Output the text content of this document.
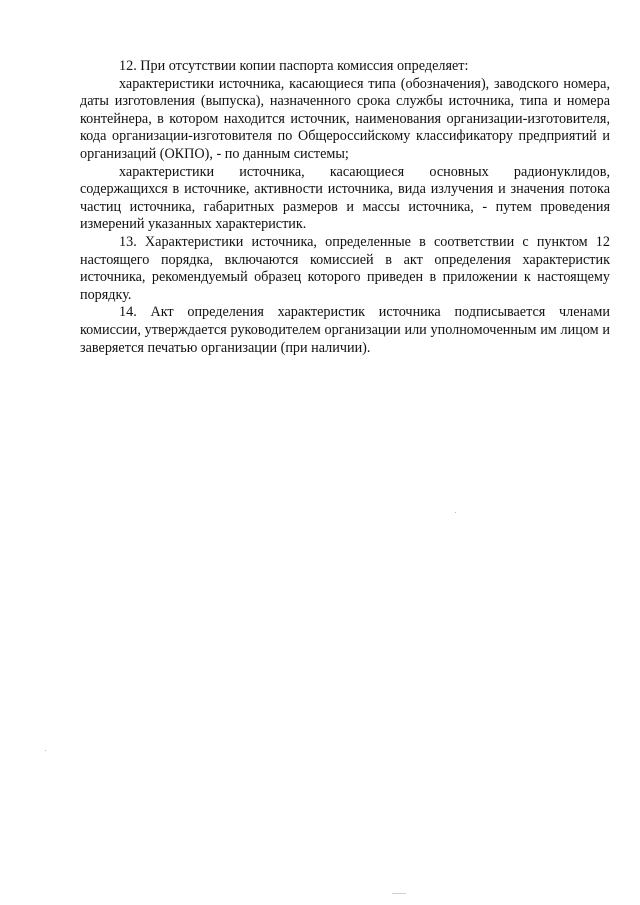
12. При отсутствии копии паспорта комиссия определяет:

характеристики источника, касающиеся типа (обозначения), заводского номера, даты изготовления (выпуска), назначенного срока службы источника, типа и номера контейнера, в котором находится источник, наименования организации-изготовителя, кода организации-изготовителя по Общероссийскому классификатору предприятий и организаций (ОКПО), - по данным системы;

характеристики источника, касающиеся основных радионуклидов, содержащихся в источнике, активности источника, вида излучения и значения потока частиц источника, габаритных размеров и массы источника, - путем проведения измерений указанных характеристик.

13. Характеристики источника, определенные в соответствии с пунктом 12 настоящего порядка, включаются комиссией в акт определения характеристик источника, рекомендуемый образец которого приведен в приложении к настоящему порядку.

14. Акт определения характеристик источника подписывается членами комиссии, утверждается руководителем организации или уполномоченным им лицом и заверяется печатью организации (при наличии).
